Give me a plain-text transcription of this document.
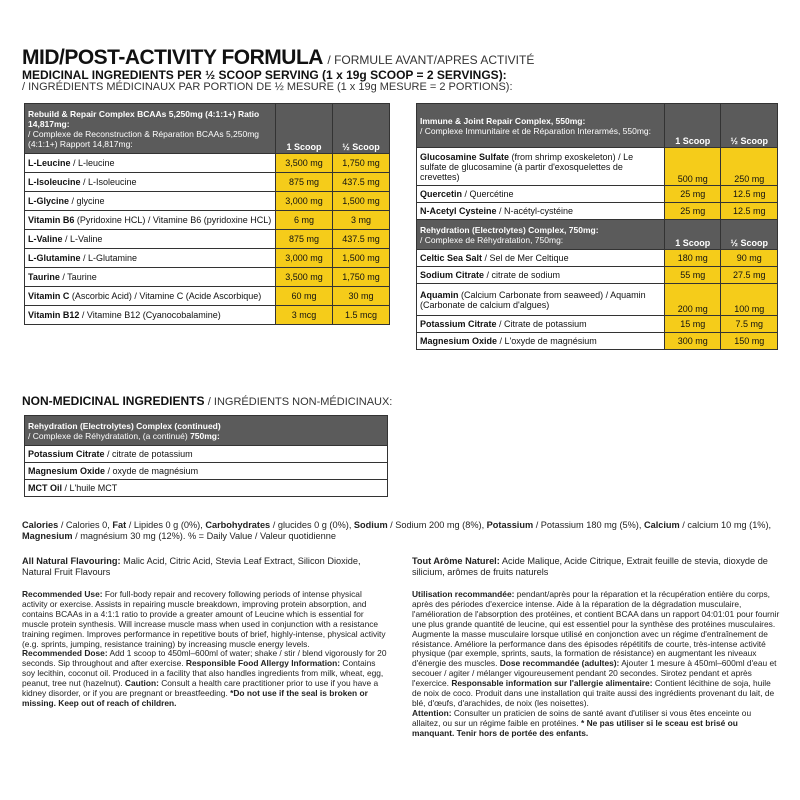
MID/POST-ACTIVITY FORMULA / FORMULE AVANT/APRES ACTIVITÉ
MEDICINAL INGREDIENTS PER ½ SCOOP SERVING (1 x 19g SCOOP = 2 SERVINGS):
/ INGRÉDIENTS MÉDICINAUX PAR PORTION DE ½ MESURE (1 x 19g MESURE = 2 PORTIONS):
Rebuild & Repair Complex BCAAs 5,250mg (4:1:1+) Ratio 14,817mg:
/ Complexe de Reconstruction & Réparation BCAAs 5,250mg (4:1:1+) Rapport 14,817mg:	1 Scoop	½ Scoop
L-Leucine / L-leucine	3,500 mg	1,750 mg
L-Isoleucine / L-Isoleucine	875 mg	437.5 mg
L-Glycine / glycine	3,000 mg	1,500 mg
Vitamin B6 (Pyridoxine HCL) / Vitamine B6 (pyridoxine HCL)	6 mg	3 mg
L-Valine / L-Valine	875 mg	437.5 mg
L-Glutamine / L-Glutamine	3,000 mg	1,500 mg
Taurine / Taurine	3,500 mg	1,750 mg
Vitamin C (Ascorbic Acid) / Vitamine C (Acide Ascorbique)	60 mg	30 mg
Vitamin B12 / Vitamine B12 (Cyanocobalamine)	3 mcg	1.5 mcg
Immune & Joint Repair Complex, 550mg:
/ Complexe Immunitaire et de Réparation Interarmés, 550mg:	1 Scoop	½ Scoop
Glucosamine Sulfate (from shrimp exoskeleton) / Le sulfate de glucosamine (à partir d'exosquelettes de crevettes)	500 mg	250 mg
Quercetin / Quercétine	25 mg	12.5 mg
N-Acetyl Cysteine / N-acétyl-cystéine	25 mg	12.5 mg
Rehydration (Electrolytes) Complex, 750mg:
/ Complexe de Réhydratation, 750mg:	1 Scoop	½ Scoop
Celtic Sea Salt / Sel de Mer Celtique	180 mg	90 mg
Sodium Citrate / citrate de sodium	55 mg	27.5 mg
Aquamin (Calcium Carbonate from seaweed) / Aquamin (Carbonate de calcium d'algues)	200 mg	100 mg
Potassium Citrate / Citrate de potassium	15 mg	7.5 mg
Magnesium Oxide / L'oxyde de magnésium	300 mg	150 mg
NON-MEDICINAL INGREDIENTS / INGRÉDIENTS NON-MÉDICINAUX:
Rehydration (Electrolytes) Complex (continued)
/ Complexe de Réhydratation, (a continué) 750mg:
Potassium Citrate / citrate de potassium
Magnesium Oxide / oxyde de magnésium
MCT Oil / L'huile MCT
Calories / Calories 0, Fat / Lipides 0 g (0%), Carbohydrates / glucides 0 g (0%), Sodium / Sodium 200 mg (8%), Potassium / Potassium 180 mg (5%), Calcium / calcium 10 mg (1%),
Magnesium / magnésium 30 mg (12%). % = Daily Value / Valeur quotidienne
All Natural Flavouring: Malic Acid, Citric Acid, Stevia Leaf Extract, Silicon Dioxide, Natural Fruit Flavours
Tout Arôme Naturel: Acide Malique, Acide Citrique, Extrait feuille de stevia, dioxyde de silicium, arômes de fruits naturels
Recommended Use: For full-body repair and recovery following periods of intense physical activity or exercise. Assists in repairing muscle breakdown, improving protein absorption, and contains BCAAs in a 4:1:1 ratio to provide a greater amount of Leucine which is essential for muscle protein synthesis. Will increase muscle mass when used in conjunction with a resistance training regimen. Improves performance in repetitive bouts of brief, highly-intense, physical activity (e.g. sprints, jumping, resistance training) by increasing muscle energy levels.
Recommended Dose: Add 1 scoop to 450ml–600ml of water; shake / stir / blend vigorously for 20 seconds. Sip throughout and after exercise. Responsible Food Allergy Information: Contains soy lecithin, coconut oil. Produced in a facility that also handles ingredients from milk, wheat, egg, peanut, tree nut (hazelnut). Caution: Consult a health care practitioner prior to use if you have a kidney disorder, or if you are pregnant or breastfeeding. *Do not use if the seal is broken or missing. Keep out of reach of children.
Utilisation recommandée: pendant/après pour la réparation et la récupération entière du corps, après des périodes d'exercice intense. Aide à la réparation de la dégradation musculaire, l'amélioration de l'absorption des protéines, et contient BCAA dans un rapport 04:01:01 pour fournir une plus grande quantité de leucine, qui est essentiel pour la synthèse des protéines musculaires. Augmente la masse musculaire lorsque utilisé en conjonction avec un régime d'entraînement de résistance. Améliore la performance dans des épisodes répétitifs de courte, très-intense activité physique (par exemple, sprints, sauts, la formation de résistance) en augmentant les niveaux d'énergie des muscles. Dose recommandée (adultes): Ajouter 1 mesure à 450ml–600ml d'eau et secouer / agiter / mélanger vigoureusement pendant 20 secondes. Sirotez pendant et après l'exercice. Responsable information sur l'allergie alimentaire: Contient lécithine de soja, huile de noix de coco. Produit dans une installation qui traite aussi des ingrédients provenant du lait, de blé, d'œufs, d'arachides, de noix (les noisettes).
Attention: Consulter un praticien de soins de santé avant d'utiliser si vous êtes enceinte ou allaitez, ou sur un régime faible en protéines. * Ne pas utiliser si le sceau est brisé ou manquant. Tenir hors de portée des enfants.
